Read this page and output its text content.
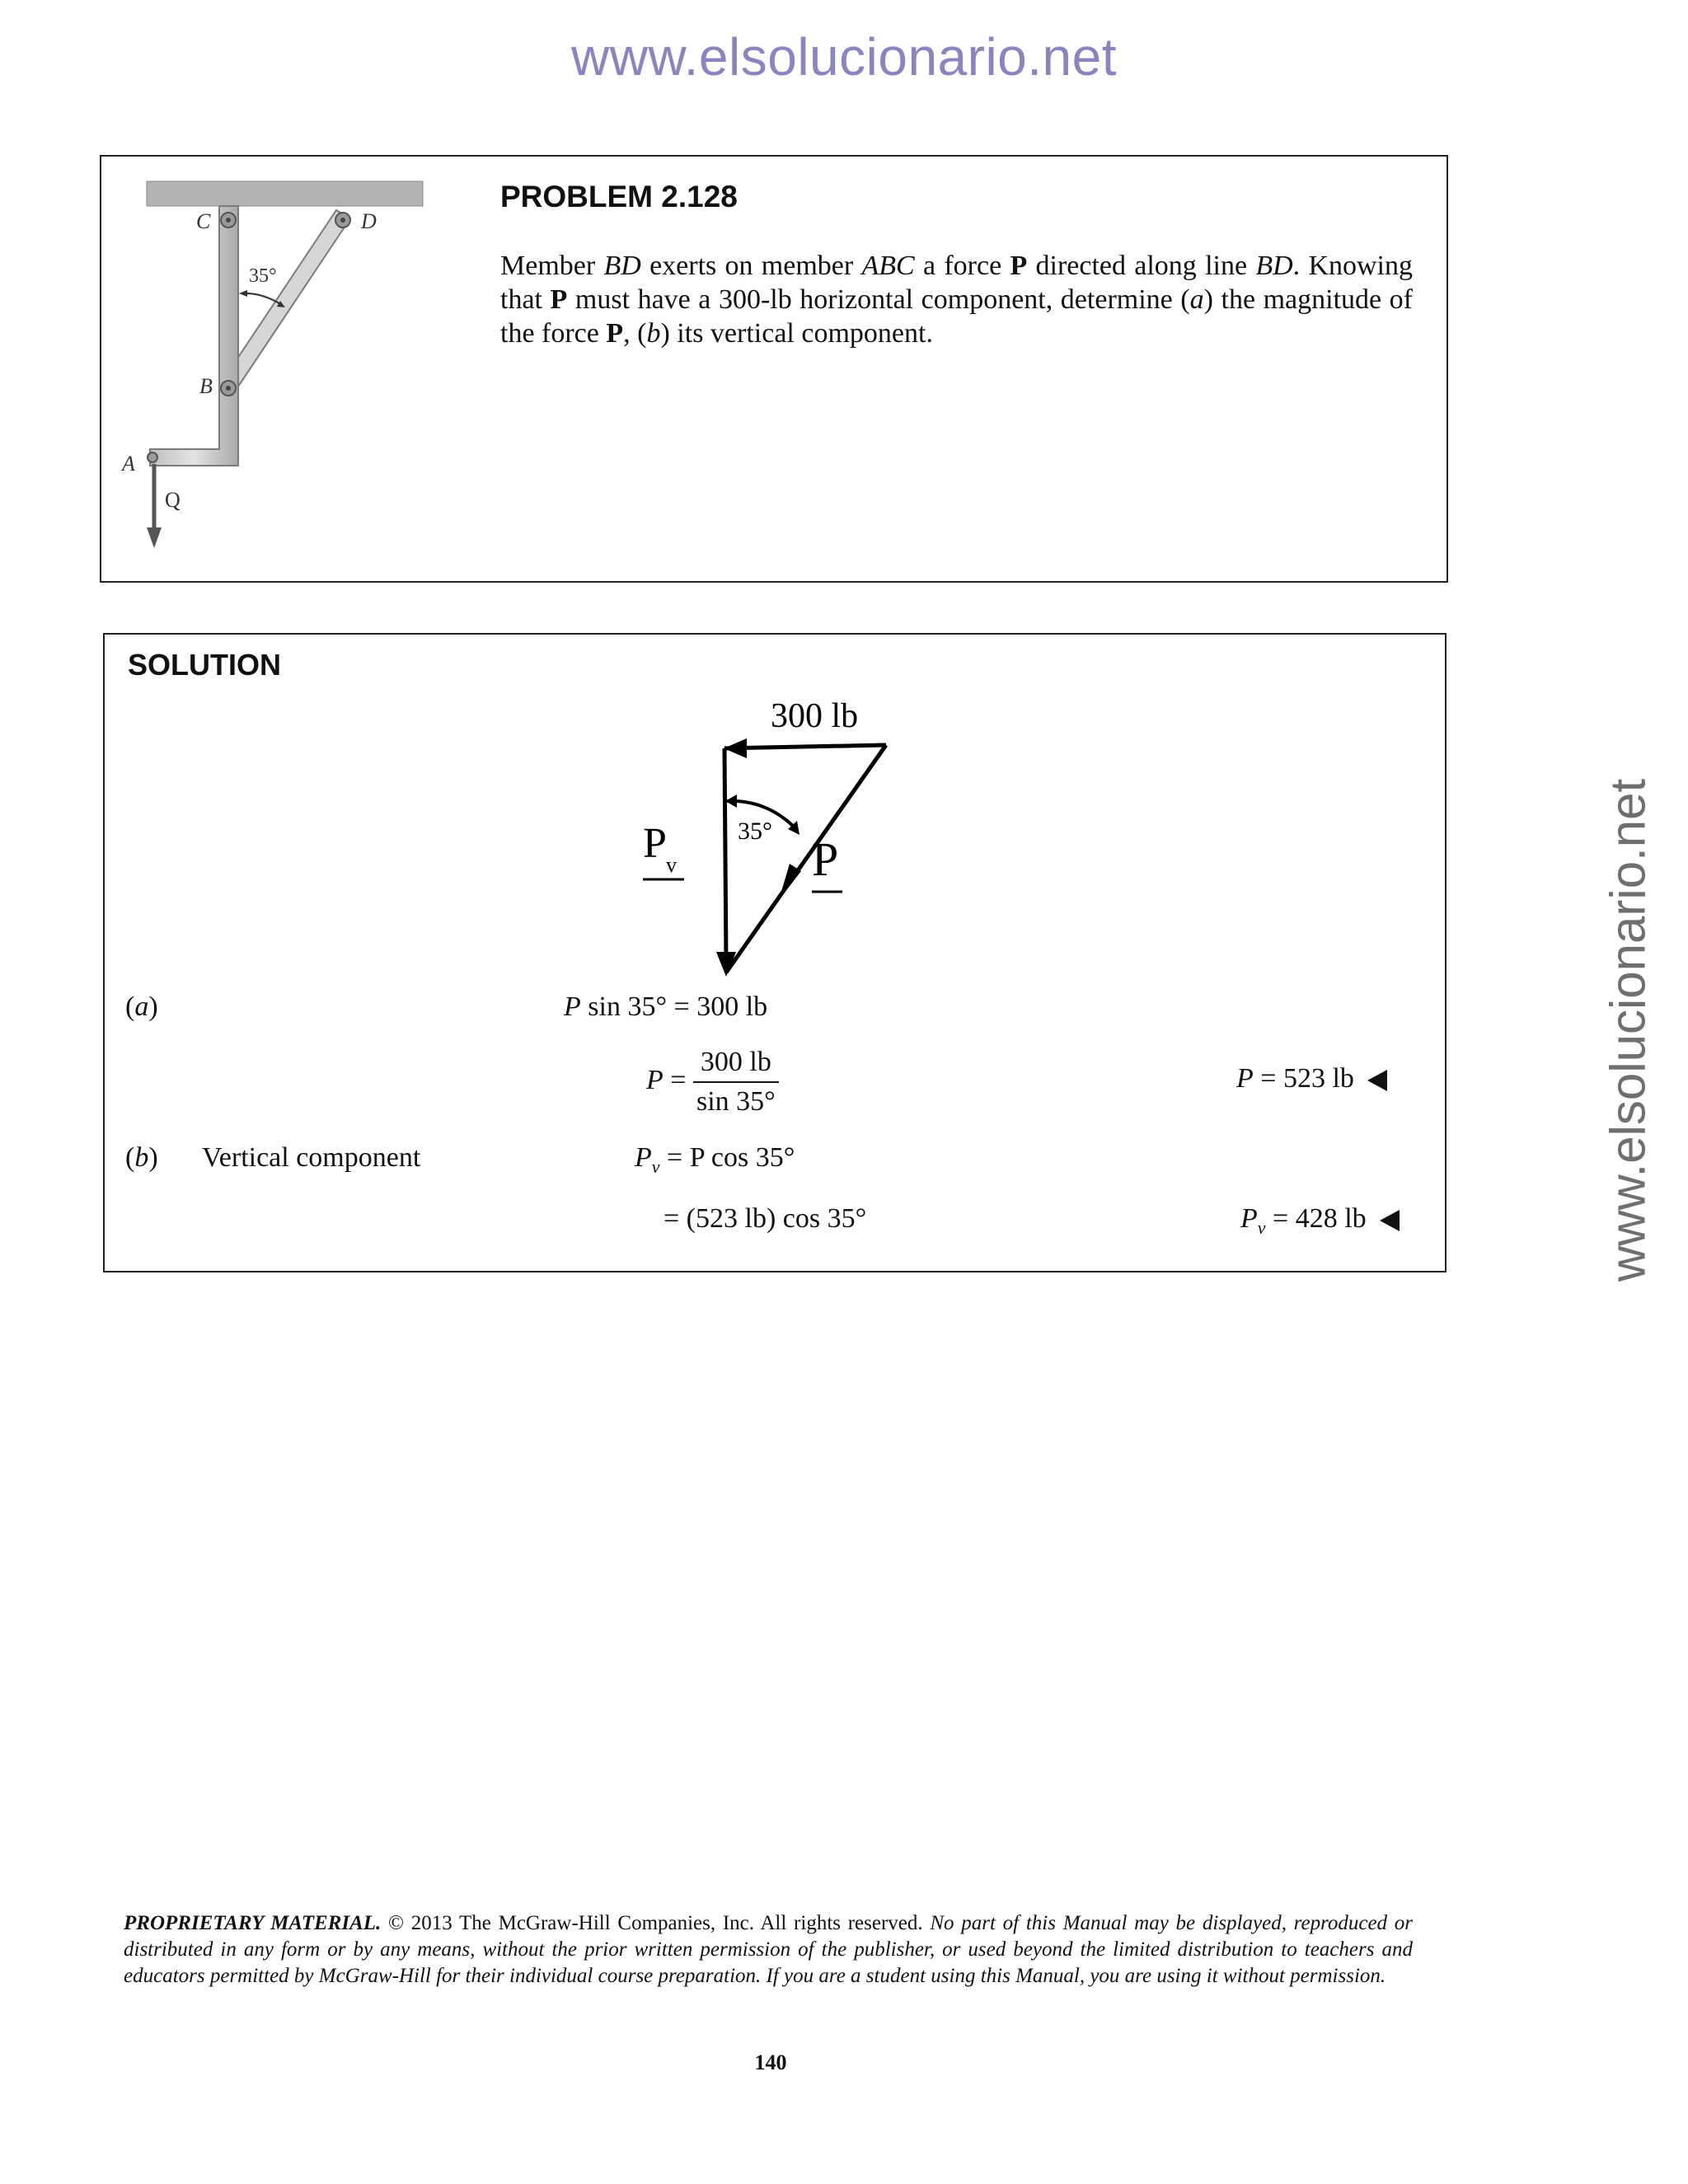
www.elsolucionario.net
www.elsolucionario.net
C	D
B
A
35°
Q
PROBLEM 2.128
Member BD exerts on member ABC a force P directed along line BD. Knowing that P must have a 300-lb horizontal component, determine (a) the magnitude of the force P, (b) its vertical component.
SOLUTION
300 lb
35°
P v	P
(a)	P sin 35° = 300 lb
$P = \frac{300 lb}{\sin 35^\circ}$	P = 523 lb
(b) Vertical component	$P_v = P$ cos 35°
= (523 lb) cos 35°	$P_v = 428$ lb
PROPRIETARY MATERIAL. © 2013 The McGraw-Hill Companies, Inc. All rights reserved. No part of this Manual may be displayed, reproduced or distributed in any form or by any means, without the prior written permission of the publisher, or used beyond the limited distribution to teachers and educators permitted by McGraw-Hill for their individual course preparation. If you are a student using this Manual, you are using it without permission.
140
